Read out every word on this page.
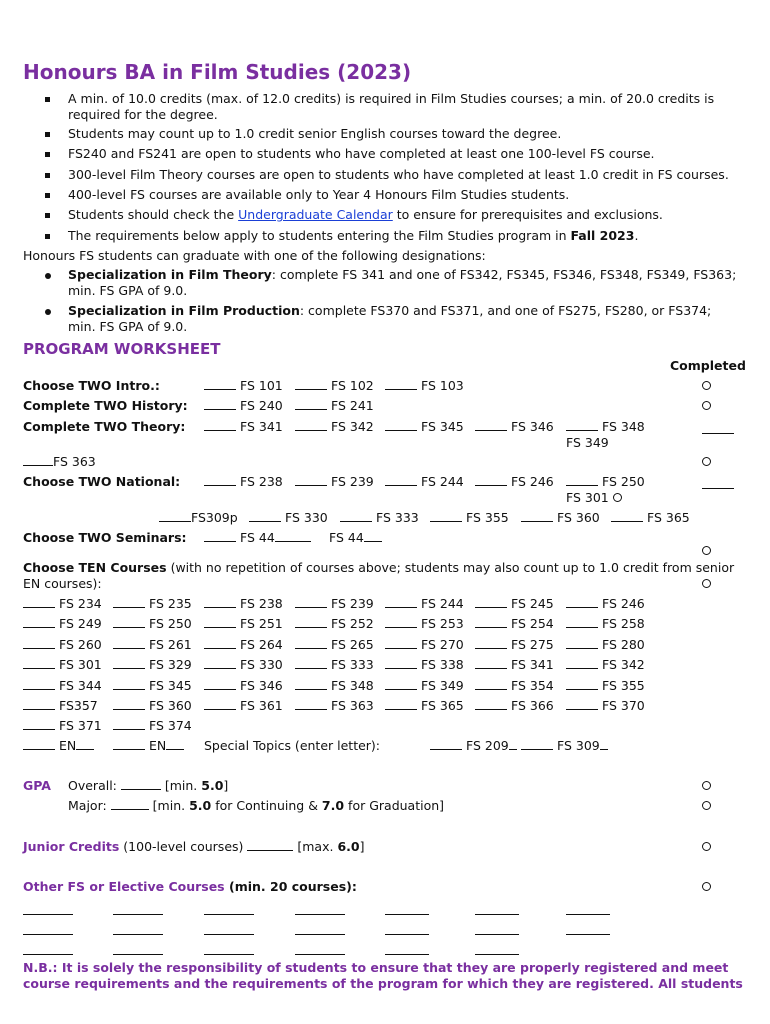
Honours BA in Film Studies (2023)
A min. of 10.0 credits (max. of 12.0 credits) is required in Film Studies courses; a min. of 20.0 credits is required for the degree.
Students may count up to 1.0 credit senior English courses toward the degree.
FS240 and FS241 are open to students who have completed at least one 100-level FS course.
300-level Film Theory courses are open to students who have completed at least 1.0 credit in FS courses.
400-level FS courses are available only to Year 4 Honours Film Studies students.
Students should check the Undergraduate Calendar to ensure for prerequisites and exclusions.
The requirements below apply to students entering the Film Studies program in Fall 2023.
Honours FS students can graduate with one of the following designations:
Specialization in Film Theory: complete FS 341 and one of FS342, FS345, FS346, FS348, FS349, FS363;
min. FS GPA of 9.0.
Specialization in Film Production: complete FS370 and FS371, and one of FS275, FS280, or FS374;
min. FS GPA of 9.0.
PROGRAM WORKSHEET
Completed
Choose TWO Intro.:	FS 101	FS 102	FS 103
Complete TWO History:	FS 240	FS 241
Complete TWO Theory:	FS 341	FS 342	FS 345	FS 346	FS 348
FS 349
FS 363
Choose TWO National:	FS 238	FS 239	FS 244	FS 246	FS 250
FS 301
FS309p	FS 330	FS 333	FS 355	FS 360	FS 365
Choose TWO Seminars:	FS 44	FS 44
Choose TEN Courses (with no repetition of courses above; students may also count up to 1.0 credit from senior
EN courses):
FS 234	FS 235	FS 238	FS 239	FS 244	FS 245	FS 246
FS 249	FS 250	FS 251	FS 252	FS 253	FS 254	FS 258
FS 260	FS 261	FS 264	FS 265	FS 270	FS 275	FS 280
FS 301	FS 329	FS 330	FS 333	FS 338	FS 341	FS 342
FS 344	FS 345	FS 346	FS 348	FS 349	FS 354	FS 355
FS357	FS 360	FS 361	FS 363	FS 365	FS 366	FS 370
FS 371	FS 374
EN	EN	Special Topics (enter letter):	FS 209	FS 309
GPA Overall:	[min. 5.0]
Major:	[min. 5.0 for Continuing & 7.0 for Graduation]
Junior Credits (100-level courses)	[max. 6.0]
Other FS or Elective Courses (min. 20 courses):
N.B.: It is solely the responsibility of students to ensure that they are properly registered and meet
course requirements and the requirements of the program for which they are registered. All students
